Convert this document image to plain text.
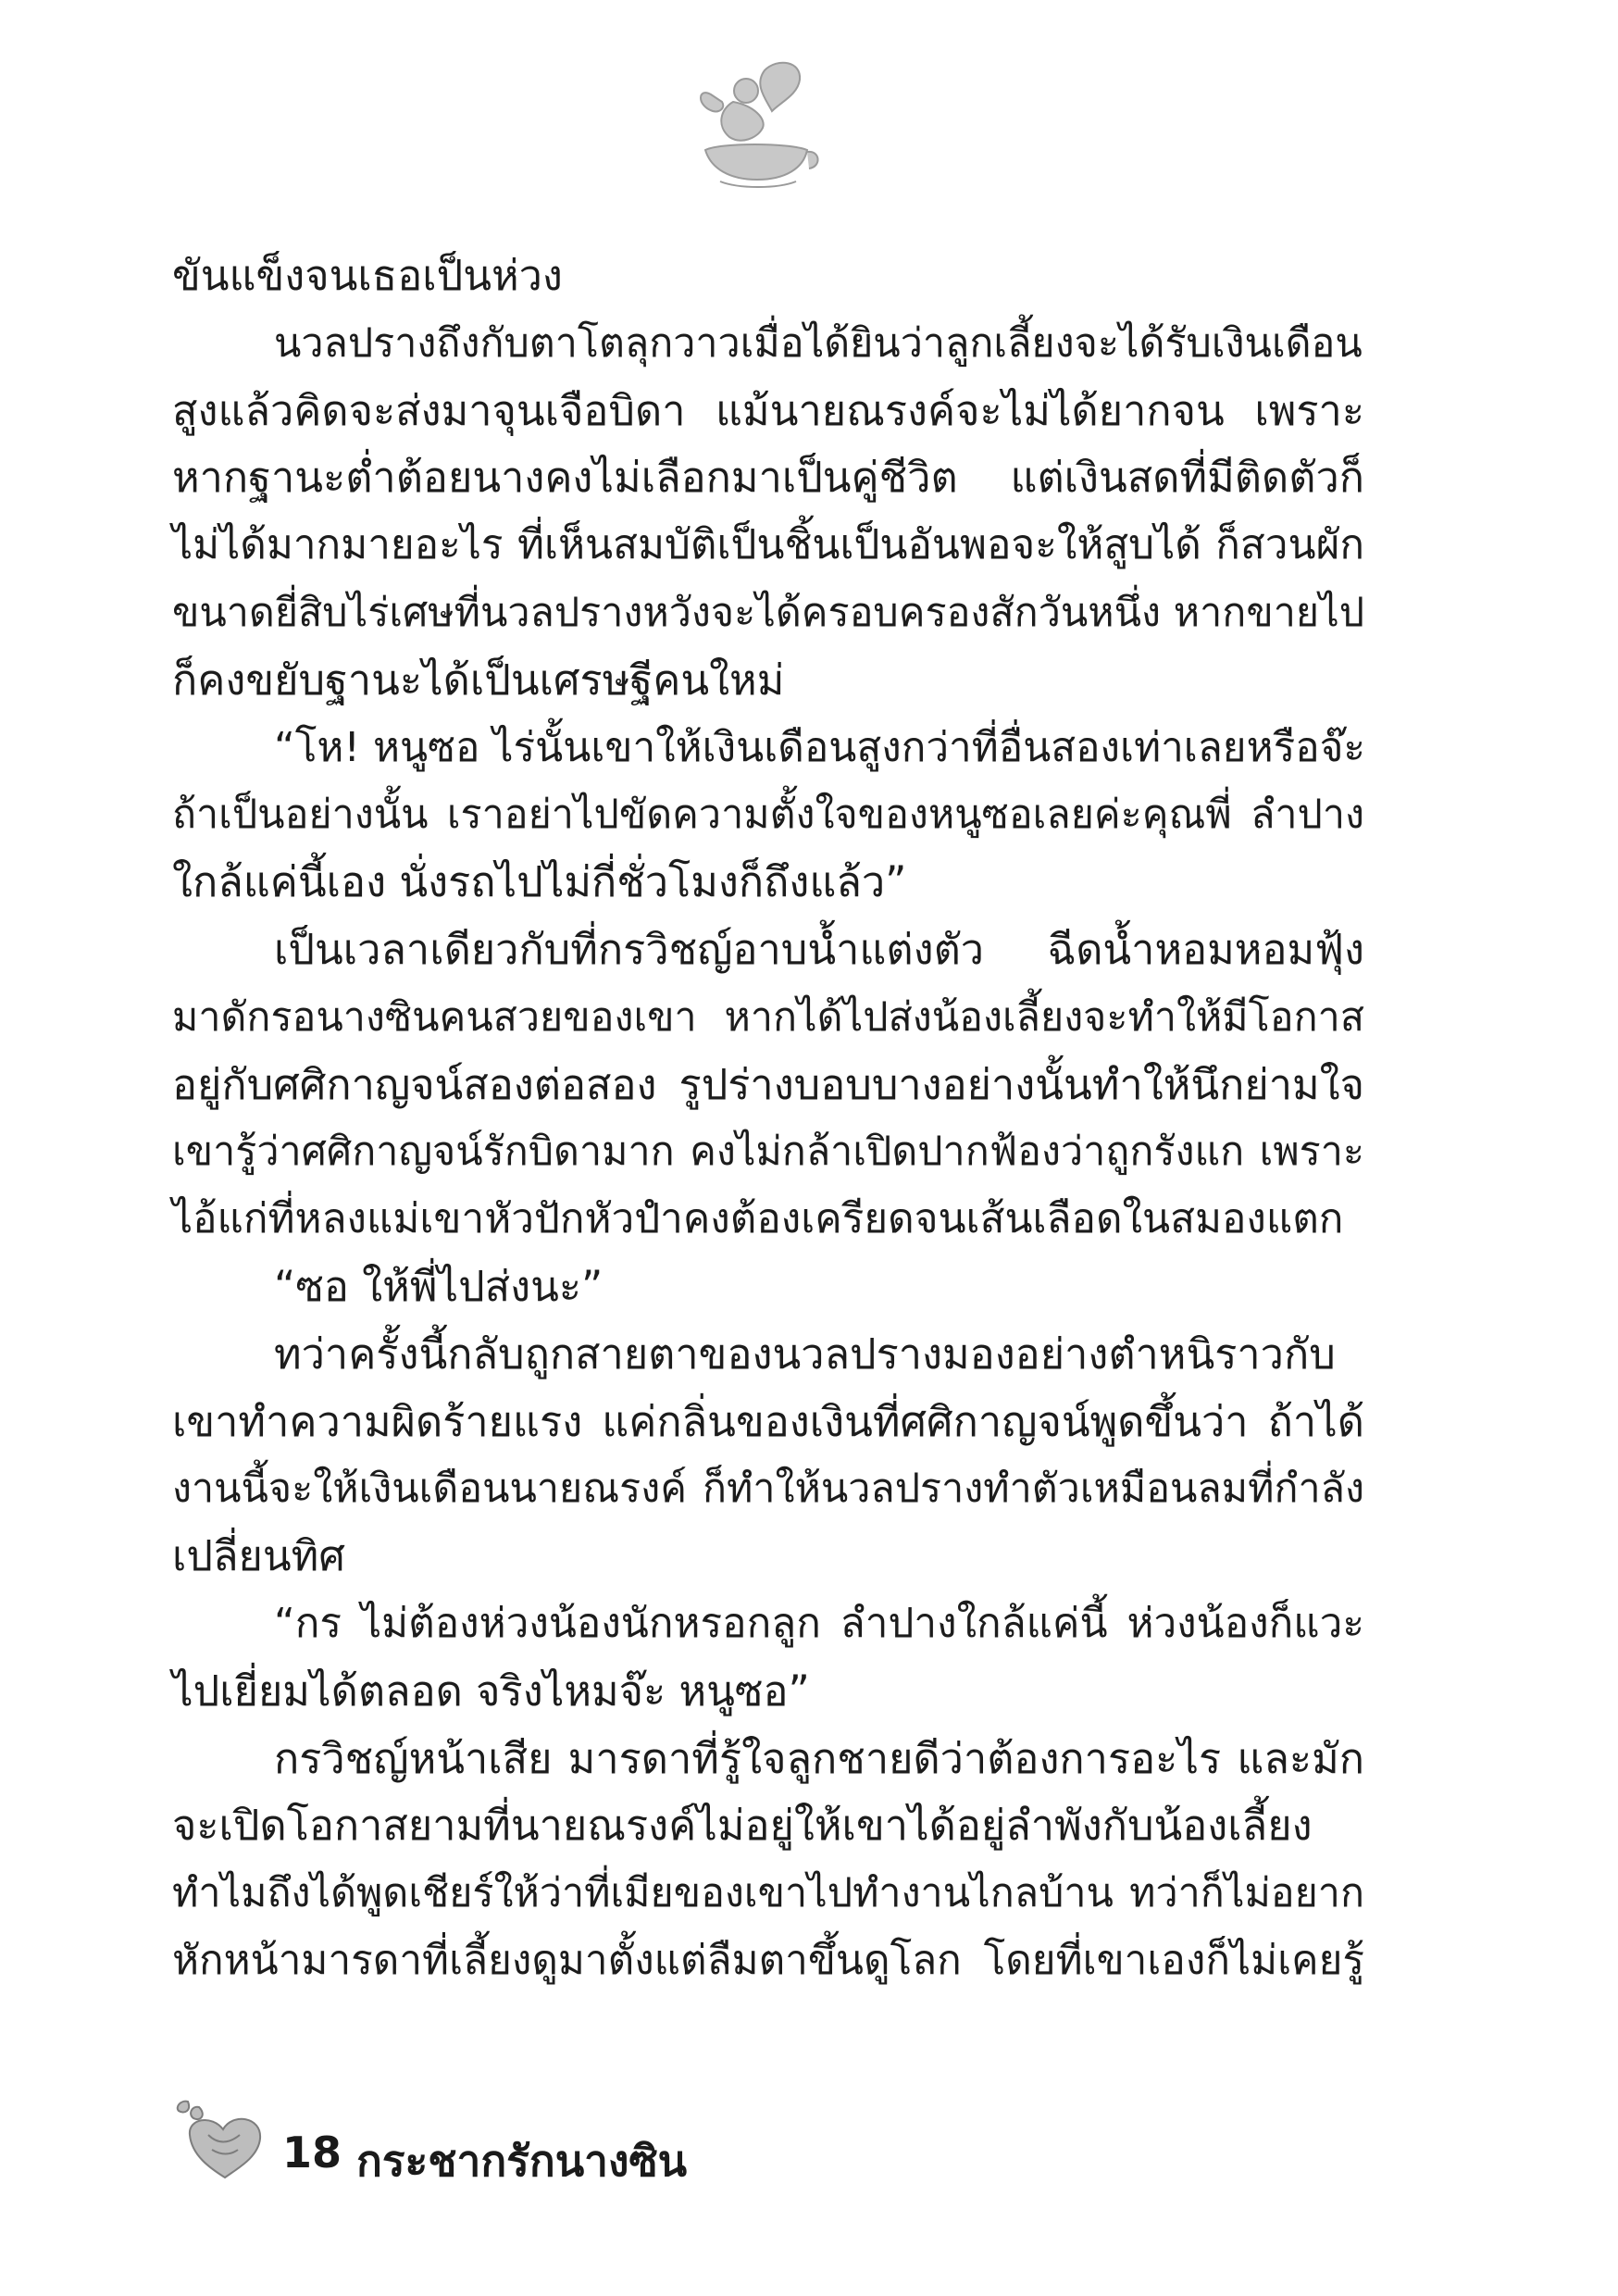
ขันแข็งจนเธอเป็นห่วง
นวลปรางถึงกับตาโตลุกวาวเมื่อได้ยินว่าลูกเลี้ยงจะได้รับเงินเดือน
สูงแล้วคิดจะส่งมาจุนเจือบิดา แม้นายณรงค์จะไม่ได้ยากจน เพราะ
หากฐานะต่ำต้อยนางคงไม่เลือกมาเป็นคู่ชีวิต แต่เงินสดที่มีติดตัวก็
ไม่ได้มากมายอะไร ที่เห็นสมบัติเป็นชิ้นเป็นอันพอจะให้สูบได้ ก็สวนผัก
ขนาดยี่สิบไร่เศษที่นวลปรางหวังจะได้ครอบครองสักวันหนึ่ง หากขายไป
ก็คงขยับฐานะได้เป็นเศรษฐีคนใหม่
“โห! หนูซอ ไร่นั้นเขาให้เงินเดือนสูงกว่าที่อื่นสองเท่าเลยหรือจ๊ะ
ถ้าเป็นอย่างนั้น เราอย่าไปขัดความตั้งใจของหนูซอเลยค่ะคุณพี่ ลำปาง
ใกล้แค่นี้เอง นั่งรถไปไม่กี่ชั่วโมงก็ถึงแล้ว”
เป็นเวลาเดียวกับที่กรวิชญ์อาบน้ำแต่งตัว ฉีดน้ำหอมหอมฟุ้ง
มาดักรอนางซินคนสวยของเขา หากได้ไปส่งน้องเลี้ยงจะทำให้มีโอกาส
อยู่กับศศิกาญจน์สองต่อสอง รูปร่างบอบบางอย่างนั้นทำให้นึกย่ามใจ
เขารู้ว่าศศิกาญจน์รักบิดามาก คงไม่กล้าเปิดปากฟ้องว่าถูกรังแก เพราะ
ไอ้แก่ที่หลงแม่เขาหัวปักหัวปำคงต้องเครียดจนเส้นเลือดในสมองแตก
“ซอ ให้พี่ไปส่งนะ”
ทว่าครั้งนี้กลับถูกสายตาของนวลปรางมองอย่างตำหนิราวกับ
เขาทำความผิดร้ายแรง แค่กลิ่นของเงินที่ศศิกาญจน์พูดขึ้นว่า ถ้าได้
งานนี้จะให้เงินเดือนนายณรงค์ ก็ทำให้นวลปรางทำตัวเหมือนลมที่กำลัง
เปลี่ยนทิศ
“กร ไม่ต้องห่วงน้องนักหรอกลูก ลำปางใกล้แค่นี้ ห่วงน้องก็แวะ
ไปเยี่ยมได้ตลอด จริงไหมจ๊ะ หนูซอ”
กรวิชญ์หน้าเสีย มารดาที่รู้ใจลูกชายดีว่าต้องการอะไร และมัก
จะเปิดโอกาสยามที่นายณรงค์ไม่อยู่ให้เขาได้อยู่ลำพังกับน้องเลี้ยง
ทำไมถึงได้พูดเชียร์ให้ว่าที่เมียของเขาไปทำงานไกลบ้าน ทว่าก็ไม่อยาก
หักหน้ามารดาที่เลี้ยงดูมาตั้งแต่ลืมตาขึ้นดูโลก โดยที่เขาเองก็ไม่เคยรู้
18 กระชากรักนางซิน
